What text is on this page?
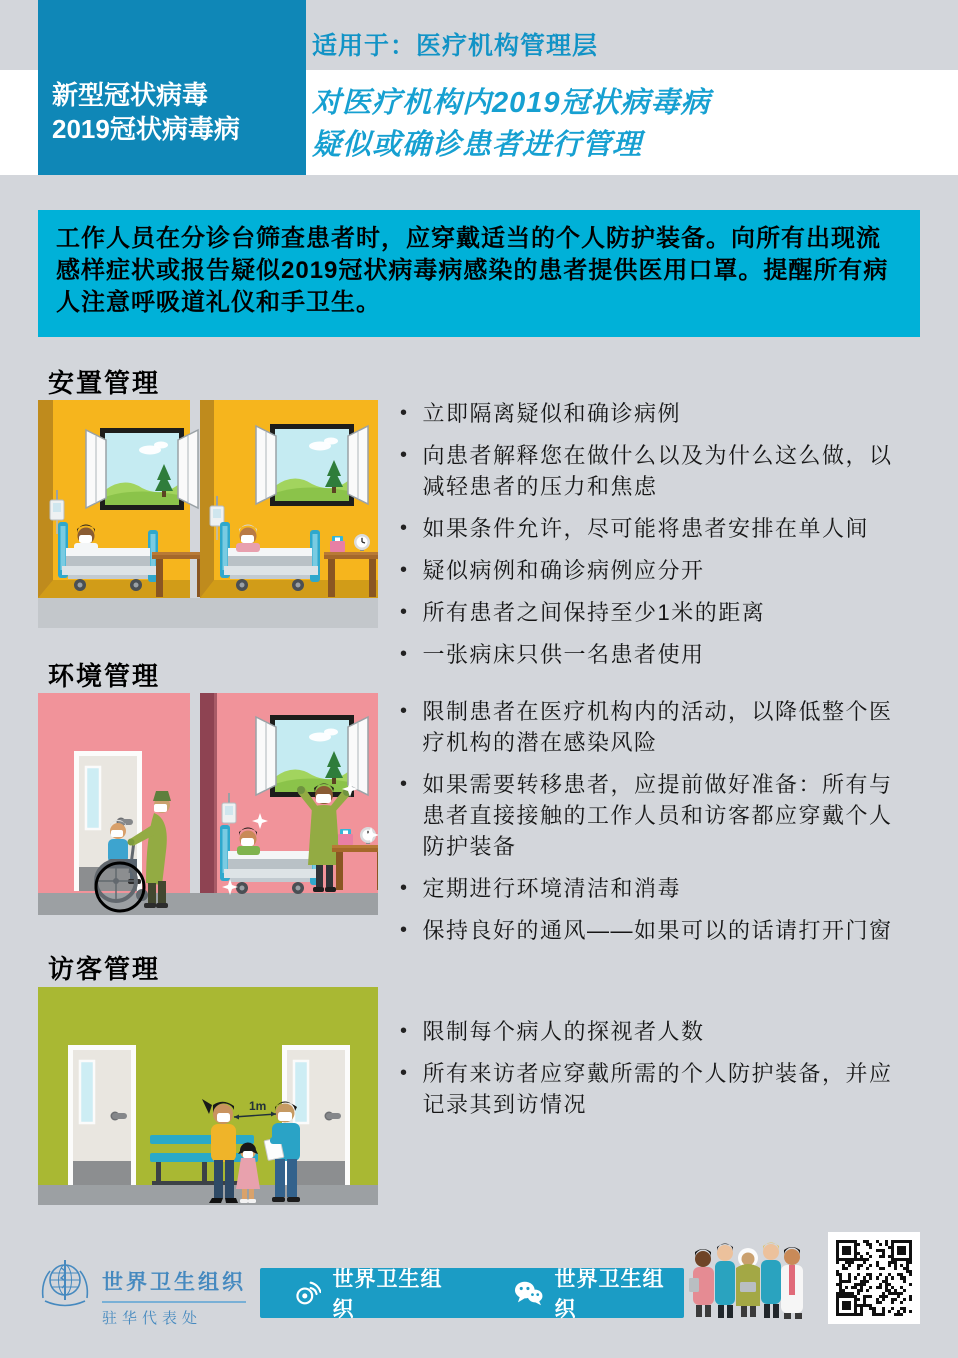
新型冠状病毒
2019冠状病毒病
适用于：医疗机构管理层
对医疗机构内2019冠状病毒病
疑似或确诊患者进行管理
工作人员在分诊台筛查患者时，应穿戴适当的个人防护装备。向所有出现流感样症状或报告疑似2019冠状病毒病感染的患者提供医用口罩。提醒所有病人注意呼吸道礼仪和手卫生。
安置管理
• 立即隔离疑似和确诊病例
• 向患者解释您在做什么以及为什么这么做，以减轻患者的压力和焦虑
• 如果条件允许，尽可能将患者安排在单人间
• 疑似病例和确诊病例应分开
• 所有患者之间保持至少1米的距离
• 一张病床只供一名患者使用
环境管理
• 限制患者在医疗机构内的活动，以降低整个医疗机构的潜在感染风险
• 如果需要转移患者，应提前做好准备：所有与患者直接接触的工作人员和访客都应穿戴个人防护装备
• 定期进行环境清洁和消毒
• 保持良好的通风——如果可以的话请打开门窗
访客管理
1m
• 限制每个病人的探视者人数
• 所有来访者应穿戴所需的个人防护装备，并应记录其到访情况
世界卫生组织
驻华代表处
世界卫生组织
世界卫生组织
